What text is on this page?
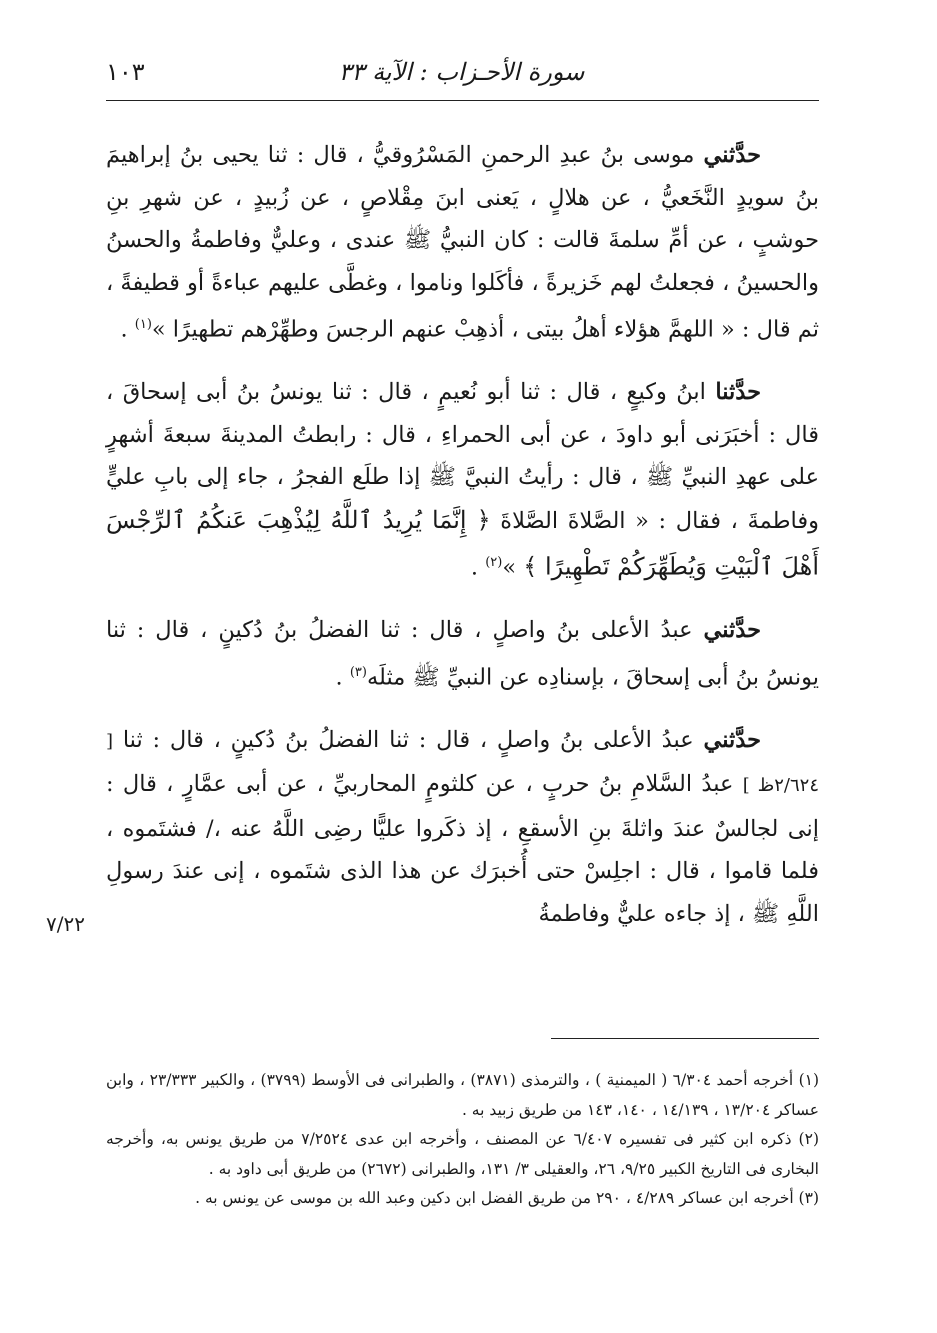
١٠٣	سورة الأحـزاب : الآية ٣٣

حدَّثني موسى بنُ عبدِ الرحمنِ المَسْرُوقيُّ ، قال : ثنا يحيى بنُ إبراهيمَ بنُ سويدٍ النَّخَعيُّ ، عن هلالٍ ، يَعنى ابنَ مِقْلاصٍ ، عن زُبيدٍ ، عن شهرِ بنِ حوشبٍ ، عن أمِّ سلمةَ قالت : كان النبيُّ ﷺ عندى ، وعليٌّ وفاطمةُ والحسنُ والحسينُ ، فجعلتُ لهم خَزيرةً ، فأكَلوا وناموا ، وغطَّى عليهم عباءةً أو قطيفةً ، ثم قال : « اللهمَّ هؤلاء أهلُ بيتى ، أذهِبْ عنهم الرجسَ وطهِّرْهم تطهيرًا »$^{(١)}$ .

حدَّثنا ابنُ وكيعٍ ، قال : ثنا أبو نُعيمٍ ، قال : ثنا يونسُ بنُ أبى إسحاقَ ، قال : أخبَرَنى أبو داودَ ، عن أبى الحمراءِ ، قال : رابطتُ المدينةَ سبعةَ أشهرٍ على عهدِ النبيِّ ﷺ ، قال : رأيتُ النبيَّ ﷺ إذا طلَع الفجرُ ، جاء إلى بابِ عليٍّ وفاطمةَ ، فقال : « الصَّلاةَ الصَّلاةَ ﴿ إِنَّمَا يُرِيدُ ٱللَّهُ لِيُذْهِبَ عَنكُمُ ٱلرِّجْسَ أَهْلَ ٱلْبَيْتِ وَيُطَهِّرَكُمْ تَطْهِيرًا ﴾ »$^{(٢)}$ .

حدَّثني عبدُ الأعلى بنُ واصلٍ ، قال : ثنا الفضلُ بنُ دُكينٍ ، قال : ثنا يونسُ بنُ أبى إسحاقَ ، بإسنادِه عن النبيِّ ﷺ مثلَه$^{(٣)}$ .

حدَّثني عبدُ الأعلى بنُ واصلٍ ، قال : ثنا الفضلُ بنُ دُكينٍ ، قال : ثنا [ ٢/٦٢٤ظ ] عبدُ السَّلامِ بنُ حربٍ ، عن كلثومٍ المحاربيِّ ، عن أبى عمَّارٍ ، قال : إنى لجالسٌ عندَ واثلةَ بنِ الأسقعِ ، إذ ذكَروا عليًّا رضِى اللَّهُ عنه ،/ فشتَموه ، فلما قاموا ، قال : اجلِسْ حتى أُخبرَك عن هذا الذى شتَموه ، إنى عندَ رسولِ اللَّهِ ﷺ ، إذ جاءه عليٌّ وفاطمةُ

٧/٢٢

(١) أخرجه أحمد ٦/٣٠٤ ( الميمنية ) ، والترمذى (٣٨٧١) ، والطبرانى فى الأوسط (٣٧٩٩) ، والكبير ٢٣/٣٣٣ ، وابن عساكر ١٣/٢٠٤ ، ١٤/١٣٩ ، ١٤٠، ١٤٣ من طريق زبيد به .

(٢) ذكره ابن كثير فى تفسيره ٦/٤٠٧ عن المصنف ، وأخرجه ابن عدى ٧/٢٥٢٤ من طريق يونس به، وأخرجه البخارى فى التاريخ الكبير ٩/٢٥، ٢٦، والعقيلى ٣/ ١٣١، والطبرانى (٢٦٧٢) من طريق أبى داود به .

(٣) أخرجه ابن عساكر ٤/٢٨٩ ، ٢٩٠ من طريق الفضل ابن دكين وعبد الله بن موسى عن يونس به .
